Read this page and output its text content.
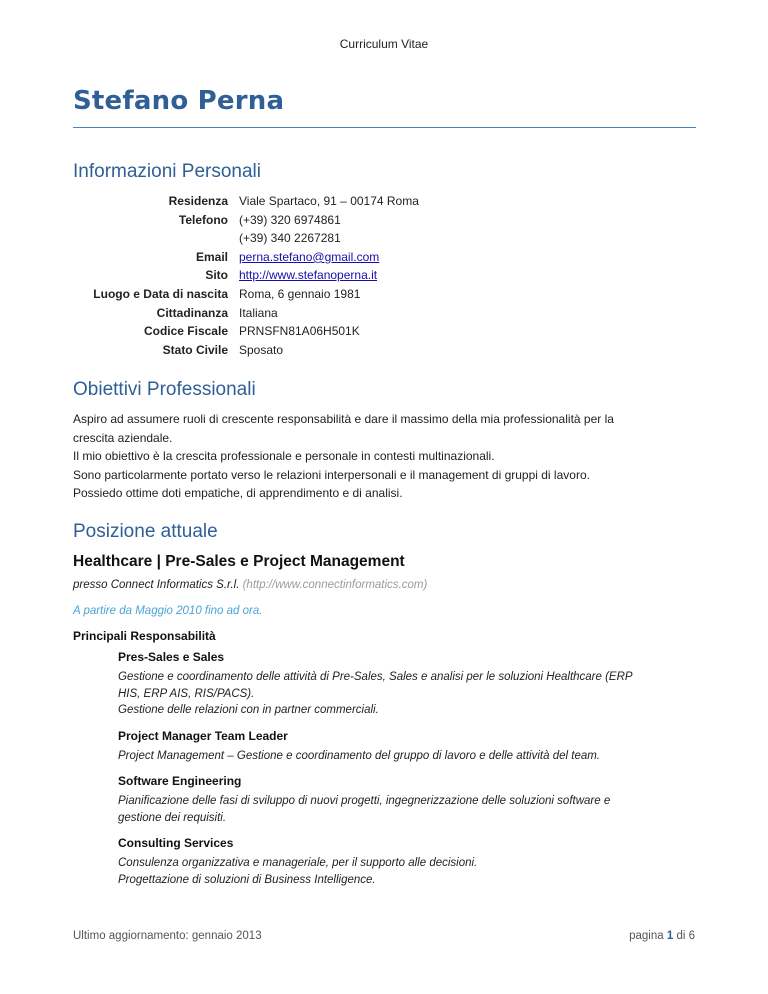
Curriculum Vitae
Stefano Perna
Informazioni Personali
Residenza Viale Spartaco, 91 – 00174 Roma
Telefono (+39) 320 6974861
(+39) 340 2267281
Email perna.stefano@gmail.com
Sito http://www.stefanoperna.it
Luogo e Data di nascita Roma, 6 gennaio 1981
Cittadinanza Italiana
Codice Fiscale PRNSFN81A06H501K
Stato Civile Sposato
Obiettivi Professionali

Aspiro ad assumere ruoli di crescente responsabilità e dare il massimo della mia professionalità per la

crescita aziendale.

Il mio obiettivo è la crescita professionale e personale in contesti multinazionali.

Sono particolarmente portato verso le relazioni interpersonali e il management di gruppi di lavoro.

Possiedo ottime doti empatiche, di apprendimento e di analisi.

Posizione attuale
Healthcare | Pre-Sales e Project Management
presso Connect Informatics S.r.l. (http://www.connectinformatics.com)
A partire da Maggio 2010 fino ad ora.
Principali Responsabilità
Pres-Sales e Sales
Gestione e coordinamento delle attività di Pre-Sales, Sales e analisi per le soluzioni Healthcare (ERP
HIS, ERP AIS, RIS/PACS).
Gestione delle relazioni con in partner commerciali.
Project Manager Team Leader
Project Management – Gestione e coordinamento del gruppo di lavoro e delle attività del team.
Software Engineering
Pianificazione delle fasi di sviluppo di nuovi progetti, ingegnerizzazione delle soluzioni software e
gestione dei requisiti.
Consulting Services
Consulenza organizzativa e manageriale, per il supporto alle decisioni.
Progettazione di soluzioni di Business Intelligence.
Ultimo aggiornamento: gennaio 2013	pagina 1 di 6
